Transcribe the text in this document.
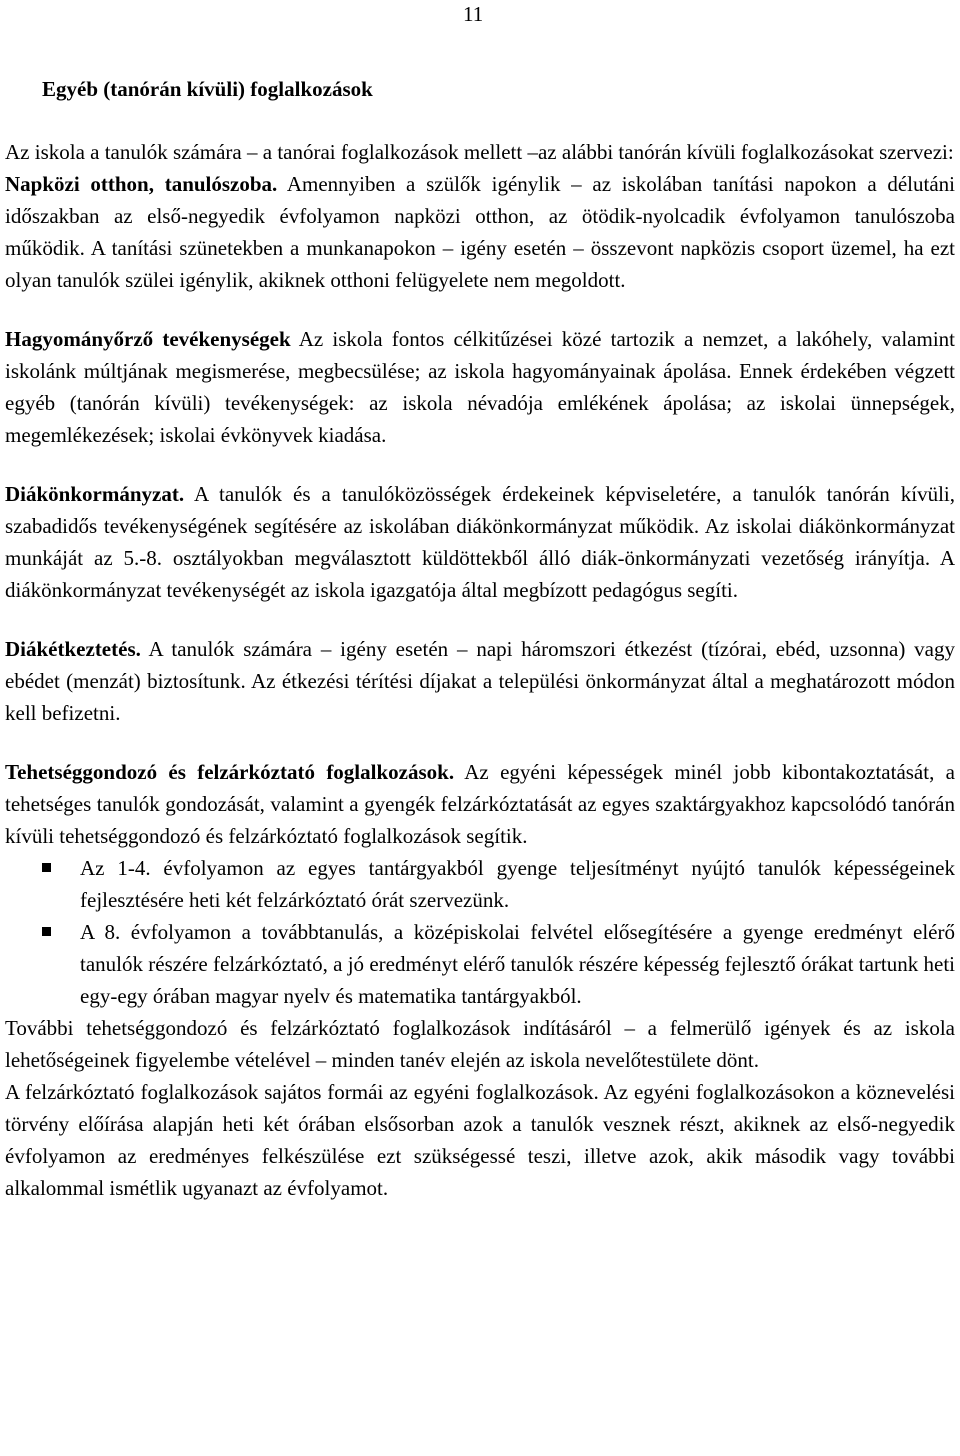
11
Egyéb (tanórán kívüli) foglalkozások

Az iskola a tanulók számára – a tanórai foglalkozások mellett –az alábbi tanórán kívüli foglalkozásokat szervezi:

Napközi otthon, tanulószoba. Amennyiben a szülők igénylik – az iskolában tanítási napokon a délutáni időszakban az első-negyedik évfolyamon napközi otthon, az ötödik-nyolcadik évfolyamon tanulószoba működik. A tanítási szünetekben a munkanapokon – igény esetén – összevont napközis csoport üzemel, ha ezt olyan tanulók szülei igénylik, akiknek otthoni felügyelete nem megoldott.

Hagyományőrző tevékenységek Az iskola fontos célkitűzései közé tartozik a nemzet, a lakóhely, valamint iskolánk múltjának megismerése, megbecsülése; az iskola hagyományainak ápolása. Ennek érdekében végzett egyéb (tanórán kívüli) tevékenységek: az iskola névadója emlékének ápolása; az iskolai ünnepségek, megemlékezések; iskolai évkönyvek kiadása.

Diákönkormányzat. A tanulók és a tanulóközösségek érdekeinek képviseletére, a tanulók tanórán kívüli, szabadidős tevékenységének segítésére az iskolában diákönkormányzat működik. Az iskolai diákönkormányzat munkáját az 5.-8. osztályokban megválasztott küldöttekből álló diák-önkormányzati vezetőség irányítja. A diákönkormányzat tevékenységét az iskola igazgatója által megbízott pedagógus segíti.

Diákétkeztetés. A tanulók számára – igény esetén – napi háromszori étkezést (tízórai, ebéd, uzsonna) vagy ebédet (menzát) biztosítunk. Az étkezési térítési díjakat a települési önkormányzat által a meghatározott módon kell befizetni.

Tehetséggondozó és felzárkóztató foglalkozások. Az egyéni képességek minél jobb kibontakoztatását, a tehetséges tanulók gondozását, valamint a gyengék felzárkóztatását az egyes szaktárgyakhoz kapcsolódó tanórán kívüli tehetséggondozó és felzárkóztató foglalkozások segítik.

Az 1-4. évfolyamon az egyes tantárgyakból gyenge teljesítményt nyújtó tanulók képességeinek fejlesztésére heti két felzárkóztató órát szervezünk.
A 8. évfolyamon a továbbtanulás, a középiskolai felvétel elősegítésére a gyenge eredményt elérő tanulók részére felzárkóztató, a jó eredményt elérő tanulók részére képesség fejlesztő órákat tartunk heti egy-egy órában magyar nyelv és matematika tantárgyakból.

További tehetséggondozó és felzárkóztató foglalkozások indításáról – a felmerülő igények és az iskola lehetőségeinek figyelembe vételével – minden tanév elején az iskola nevelőtestülete dönt.

A felzárkóztató foglalkozások sajátos formái az egyéni foglalkozások. Az egyéni foglalkozásokon a köznevelési törvény előírása alapján heti két órában elsősorban azok a tanulók vesznek részt, akiknek az első-negyedik évfolyamon az eredményes felkészülése ezt szükségessé teszi, illetve azok, akik második vagy további alkalommal ismétlik ugyanazt az évfolyamot.
